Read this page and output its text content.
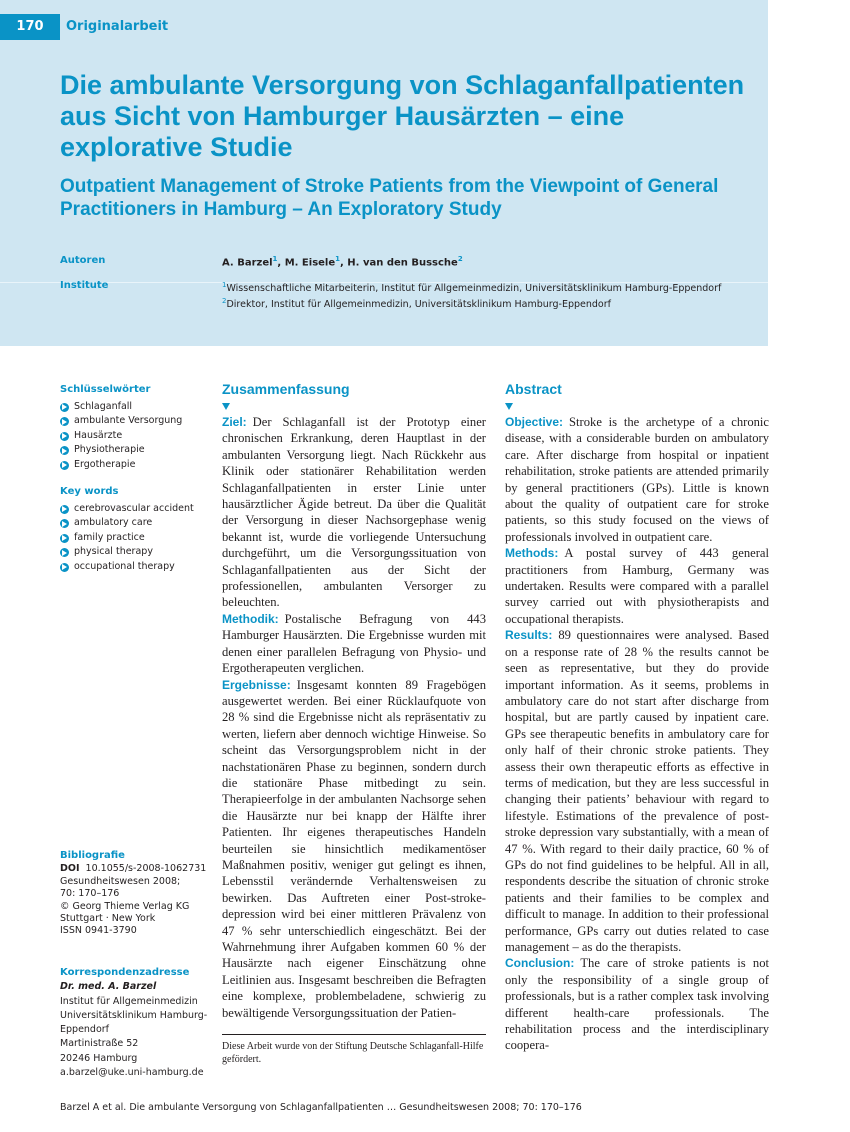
170	Originalarbeit
Die ambulante Versorgung von Schlaganfallpatienten aus Sicht von Hamburger Hausärzten – eine explorative Studie
Outpatient Management of Stroke Patients from the Viewpoint of General Practitioners in Hamburg – An Exploratory Study
Autoren	A. Barzel$^1$, M. Eisele$^1$, H. van den Bussche$^2$
Institute	$^1$Wissenschaftliche Mitarbeiterin, Institut für Allgemeinmedizin, Universitätsklinikum Hamburg-Eppendorf
$^2$Direktor, Institut für Allgemeinmedizin, Universitätsklinikum Hamburg-Eppendorf
Schlüsselwörter
Schlaganfall
ambulante Versorgung
Hausärzte
Physiotherapie
Ergotherapie
Key words
cerebrovascular accident
ambulatory care
family practice
physical therapy
occupational therapy
Bibliografie
DOI 10.1055/s-2008-1062731
Gesundheitswesen 2008;
70: 170–176
© Georg Thieme Verlag KG
Stuttgart · New York
ISSN 0941-3790
Korrespondenzadresse
Dr. med. A. Barzel
Institut für Allgemeinmedizin
Universitätsklinikum Hamburg-
Eppendorf
Martinistraße 52
20246 Hamburg
a.barzel@uke.uni-hamburg.de
Zusammenfassung

Ziel: Der Schlaganfall ist der Prototyp einer chronischen Erkrankung, deren Hauptlast in der ambulanten Versorgung liegt. Nach Rückkehr aus Klinik oder stationärer Rehabilitation werden Schlaganfallpatienten in erster Linie unter hausärztlicher Ägide betreut. Da über die Qualität der Versorgung in dieser Nachsorgephase wenig bekannt ist, wurde die vorliegende Untersuchung durchgeführt, um die Versorgungssituation von Schlaganfallpatienten aus der Sicht der professionellen, ambulanten Versorger zu beleuchten.

Methodik: Postalische Befragung von 443 Hamburger Hausärzten. Die Ergebnisse wurden mit denen einer parallelen Befragung von Physio- und Ergotherapeuten verglichen.

Ergebnisse: Insgesamt konnten 89 Fragebögen ausgewertet werden. Bei einer Rücklaufquote von 28 % sind die Ergebnisse nicht als repräsentativ zu werten, liefern aber dennoch wichtige Hinweise. So scheint das Versorgungsproblem nicht in der nachstationären Phase zu beginnen, sondern durch die stationäre Phase mitbedingt zu sein. Therapieerfolge in der ambulanten Nachsorge sehen die Hausärzte nur bei knapp der Hälfte ihrer Patienten. Ihr eigenes therapeutisches Handeln beurteilen sie hinsichtlich medikamentöser Maßnahmen positiv, weniger gut gelingt es ihnen, Lebensstil verändernde Verhaltensweisen zu bewirken. Das Auftreten einer Post-stroke-depression wird bei einer mittleren Prävalenz von 47 % sehr unterschiedlich eingeschätzt. Bei der Wahrnehmung ihrer Aufgaben kommen 60 % der Hausärzte nach eigener Einschätzung ohne Leitlinien aus. Insgesamt beschreiben die Befragten eine komplexe, problembeladene, schwierig zu bewältigende Versorgungssituation der Patien-

Diese Arbeit wurde von der Stiftung Deutsche Schlaganfall-Hilfe gefördert.
Abstract

Objective: Stroke is the archetype of a chronic disease, with a considerable burden on ambulatory care. After discharge from hospital or inpatient rehabilitation, stroke patients are attended primarily by general practitioners (GPs). Little is known about the quality of outpatient care for stroke patients, so this study focused on the views of professionals involved in outpatient care.

Methods: A postal survey of 443 general practitioners from Hamburg, Germany was undertaken. Results were compared with a parallel survey carried out with physiotherapists and occupational therapists.

Results: 89 questionnaires were analysed. Based on a response rate of 28 % the results cannot be seen as representative, but they do provide important information. As it seems, problems in ambulatory care do not start after discharge from hospital, but are partly caused by inpatient care. GPs see therapeutic benefits in ambulatory care for only half of their chronic stroke patients. They assess their own therapeutic efforts as effective in terms of medication, but they are less successful in changing their patients’ behaviour with regard to lifestyle. Estimations of the prevalence of post-stroke depression vary substantially, with a mean of 47 %. With regard to their daily practice, 60 % of GPs do not find guidelines to be helpful. All in all, respondents describe the situation of chronic stroke patients and their families to be complex and difficult to manage. In addition to their professional performance, GPs carry out duties related to case management – as do the therapists.

Conclusion: The care of stroke patients is not only the responsibility of a single group of professionals, but is a rather complex task involving different health-care professionals. The rehabilitation process and the interdisciplinary coopera-

Barzel A et al. Die ambulante Versorgung von Schlaganfallpatienten … Gesundheitswesen 2008; 70: 170–176
